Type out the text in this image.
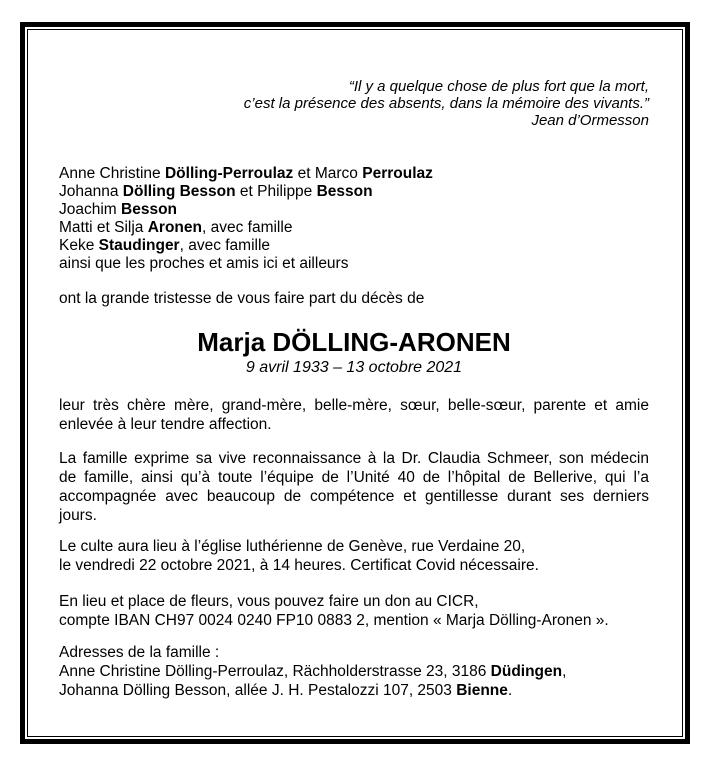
“Il y a quelque chose de plus fort que la mort,
c’est la présence des absents, dans la mémoire des vivants.”
Jean d’Ormesson
Anne Christine Dölling-Perroulaz et Marco Perroulaz
Johanna Dölling Besson et Philippe Besson
Joachim Besson
Matti et Silja Aronen, avec famille
Keke Staudinger, avec famille
ainsi que les proches et amis ici et ailleurs

ont la grande tristesse de vous faire part du décès de

Marja DÖLLING-ARONEN
9 avril 1933 – 13 octobre 2021
leur très chère mère, grand-mère, belle-mère, sœur, belle-sœur, parente et amie
enlevée à leur tendre affection.
La famille exprime sa vive reconnaissance à la Dr. Claudia Schmeer, son médecin
de famille, ainsi qu’à toute l’équipe de l’Unité 40 de l’hôpital de Bellerive, qui l’a
accompagnée avec beaucoup de compétence et gentillesse durant ses derniers
jours.
Le culte aura lieu à l’église luthérienne de Genève, rue Verdaine 20,
le vendredi 22 octobre 2021, à 14 heures. Certificat Covid nécessaire.
En lieu et place de fleurs, vous pouvez faire un don au CICR,
compte IBAN CH97 0024 0240 FP10 0883 2, mention « Marja Dölling-Aronen ».
Adresses de la famille :
Anne Christine Dölling-Perroulaz, Rächholderstrasse 23, 3186 Düdingen,
Johanna Dölling Besson, allée J. H. Pestalozzi 107, 2503 Bienne.
